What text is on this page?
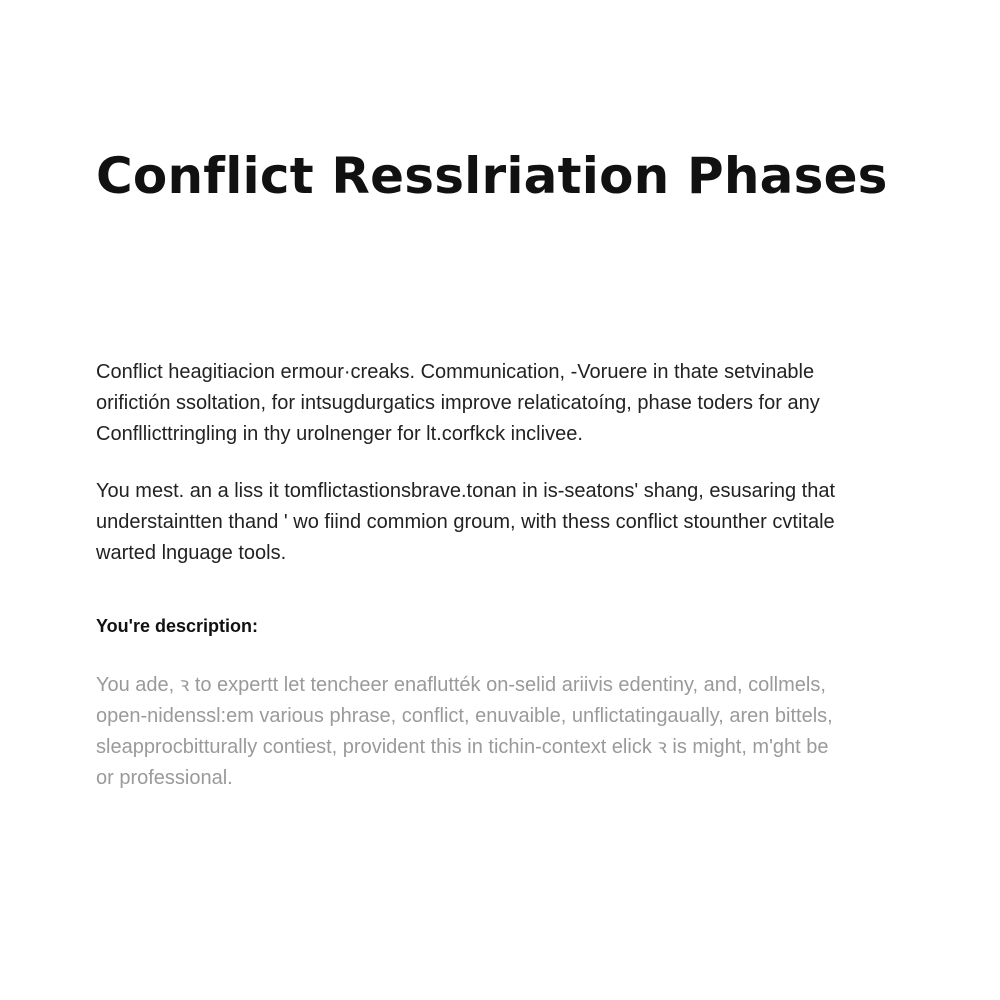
Conflict Resslriation Phases

Conflict heagitiacion ermour·creaks. Communication, -Voruere in thate setvinable
orifictión ssoltation, for intsugdurgatics improve relaticatoíng, phase toders for any
Confllicttringling in thy urolnenger for lt.corfkck inclivee.

You mest. an a liss it tomflictastionsbrave.tonan in is-seatons' shang, esusaring that
understaintten thand ' wo fiind commion groum, with thess conflict stounther cvtitale
warted lnguage tools.

You're description:

You ade, ꝛ to expertt let tencheer enaflutték on-selid ariivis edentiny, and, collmels,
open-nidenssl:em various phrase, conflict, enuvaible, unflictatingaually, aren bittels,
sleapprocbitturally contiest, provident this in tichin-context elick ꝛ is might, m'ght be
or professional.
